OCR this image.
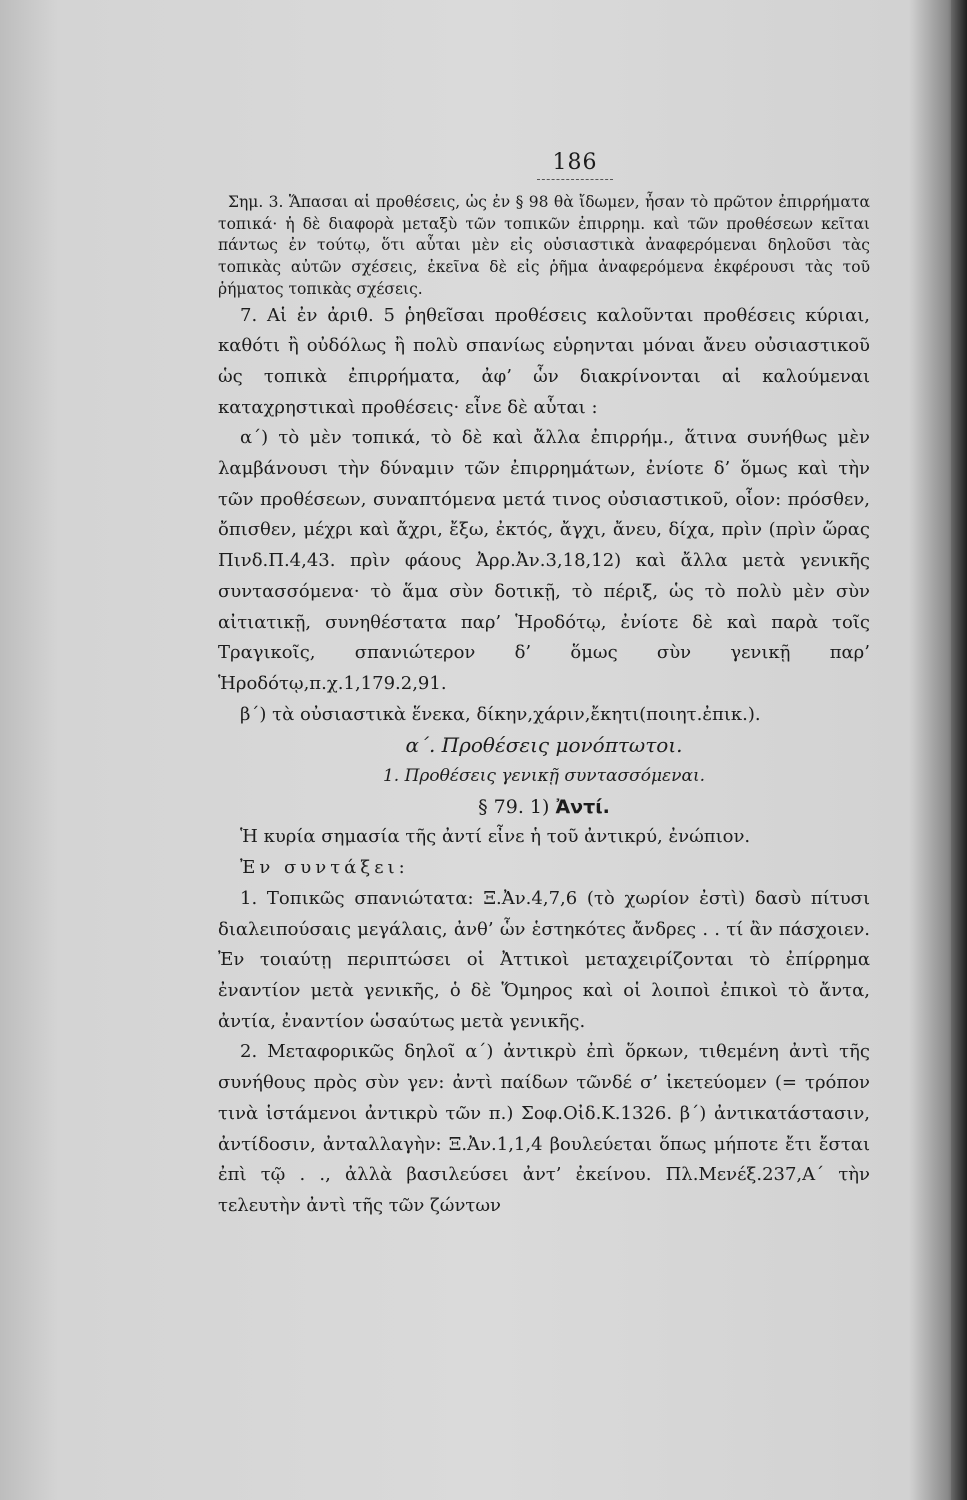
186
Σημ. 3. Ἅπασαι αἱ προθέσεις, ὡς ἐν § 98 θὰ ἴδωμεν, ἦσαν τὸ πρῶτον ἐπιρρήματα τοπικά· ἡ δὲ διαφορὰ μεταξὺ τῶν τοπικῶν ἐπιρρημ. καὶ τῶν προθέσεων κεῖται πάντως ἐν τούτῳ, ὅτι αὗται μὲν εἰς οὐσιαστικὰ ἀναφερόμεναι δηλοῦσι τὰς τοπικὰς αὐτῶν σχέσεις, ἐκεῖνα δὲ εἰς ῥῆμα ἀναφερόμενα ἐκφέρουσι τὰς τοῦ ῥήματος τοπικὰς σχέσεις.

7. Αἱ ἐν ἀριθ. 5 ῥηθεῖσαι προθέσεις καλοῦνται προθέσεις κύριαι, καθότι ἢ οὐδόλως ἢ πολὺ σπανίως εὑρηνται μόναι ἄνευ οὐσιαστικοῦ ὡς τοπικὰ ἐπιρρήματα, ἀφ’ ὧν διακρίνονται αἱ καλούμεναι καταχρηστικαὶ προθέσεις· εἶνε δὲ αὗται :

α΄) τὸ μὲν τοπικά, τὸ δὲ καὶ ἄλλα ἐπιρρήμ., ἅτινα συνήθως μὲν λαμβάνουσι τὴν δύναμιν τῶν ἐπιρρημάτων, ἐνίοτε δ’ ὅμως καὶ τὴν τῶν προθέσεων, συναπτόμενα μετά τινος οὐσιαστικοῦ, οἷον: πρόσθεν, ὄπισθεν, μέχρι καὶ ἄχρι, ἔξω, ἐκτός, ἄγχι, ἄνευ, δίχα, πρὶν (πρὶν ὥρας Πινδ.Π.4,43. πρὶν φάους Ἀρρ.Ἀν.3,18,12) καὶ ἄλλα μετὰ γενικῆς συντασσόμενα· τὸ ἅμα σὺν δοτικῇ, τὸ πέριξ, ὡς τὸ πολὺ μὲν σὺν αἰτιατικῇ, συνηθέστατα παρ’ Ἡροδότῳ, ἐνίοτε δὲ καὶ παρὰ τοῖς Τραγικοῖς, σπανιώτερον δ’ ὅμως σὺν γενικῇ παρ’ Ἡροδότῳ,π.χ.1,179.2,91.

β΄) τὰ οὐσιαστικὰ ἕνεκα, δίκην,χάριν,ἔκητι(ποιητ.ἐπικ.).

α΄. Προθέσεις μονόπτωτοι.

1. Προθέσεις γενικῇ συντασσόμεναι.

§ 79. 1) Ἀντί.

Ἡ κυρία σημασία τῆς ἀντί εἶνε ἡ τοῦ ἀντικρύ, ἐνώπιον.

Ἐν συντάξει:

1. Τοπικῶς σπανιώτατα: Ξ.Ἀν.4,7,6 (τὸ χωρίον ἐστὶ) δασὺ πίτυσι διαλειπούσαις μεγάλαις, ἀνθ’ ὧν ἑστηκότες ἄνδρες . . τί ἂν πάσχοιεν. Ἐν τοιαύτῃ περιπτώσει οἱ Ἀττικοὶ μεταχειρίζονται τὸ ἐπίρρημα ἐναντίον μετὰ γενικῆς, ὁ δὲ Ὅμηρος καὶ οἱ λοιποὶ ἐπικοὶ τὸ ἄντα, ἀντία, ἐναντίον ὡσαύτως μετὰ γενικῆς.

2. Μεταφορικῶς δηλοῖ α΄) ἀντικρὺ ἐπὶ ὅρκων, τιθεμένη ἀντὶ τῆς συνήθους πρὸς σὺν γεν: ἀντὶ παίδων τῶνδέ σ’ ἱκετεύομεν (= τρόπον τινὰ ἱστάμενοι ἀντικρὺ τῶν π.) Σοφ.Οἰδ.Κ.1326. β΄) ἀντικατάστασιν, ἀντίδοσιν, ἀνταλλαγὴν: Ξ.Ἀν.1,1,4 βουλεύεται ὅπως μήποτε ἔτι ἔσται ἐπὶ τῷ . ., ἀλλὰ βασιλεύσει ἀντ’ ἐκείνου. Πλ.Μενέξ.237,Α΄ τὴν τελευτὴν ἀντὶ τῆς τῶν ζώντων
